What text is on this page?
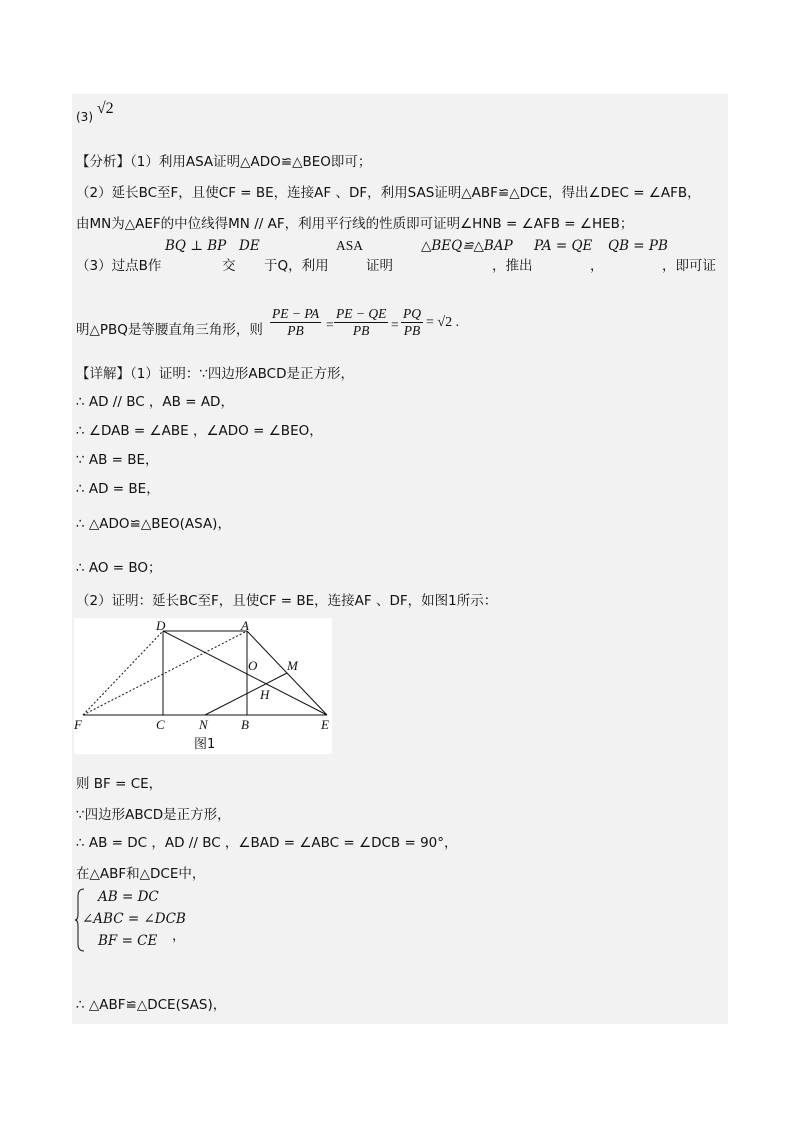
(3) √2
【分析】（1）利用ASA证明△ADO≌△BEO即可；
（2）延长BC至F，且使CF = BE，连接AF 、DF，利用SAS证明△ABF≌△DCE，得出∠DEC = ∠AFB，
由MN为△AEF的中位线得MN // AF，利用平行线的性质即可证明∠HNB = ∠AFB = ∠HEB；
（3）过点B作
BQ ⊥ BP
交
DE
于Q，利用
ASA
证明
△BEQ≌△BAP
，推出
PA = QE
，
QB = PB
，即可证
明△PBQ是等腰直角三角形，则 $\frac{PE - PA}{PB} = \frac{PE - QE}{PB} = \frac{PQ}{PB} = √2$ .
【详解】（1）证明：∵四边形ABCD是正方形，
∴ AD // BC ，AB = AD，
∴ ∠DAB = ∠ABE ，∠ADO = ∠BEO，
∵ AB = BE，
∴ AD = BE，
∴ △ADO≌△BEO(ASA)，
∴ AO = BO；
（2）证明：延长BC至F，且使CF = BE，连接AF 、DF，如图1所示：
D	A
O M
H
F	C	N	B	E
图1
则 BF = CE，
∵四边形ABCD是正方形，
∴ AB = DC ，AD // BC ，∠BAD = ∠ABC = ∠DCB = 90°，
在△ABF和△DCE中，
AB = DC
∠ABC = ∠DCB
BF = CE ，
∴ △ABF≌△DCE(SAS)，
